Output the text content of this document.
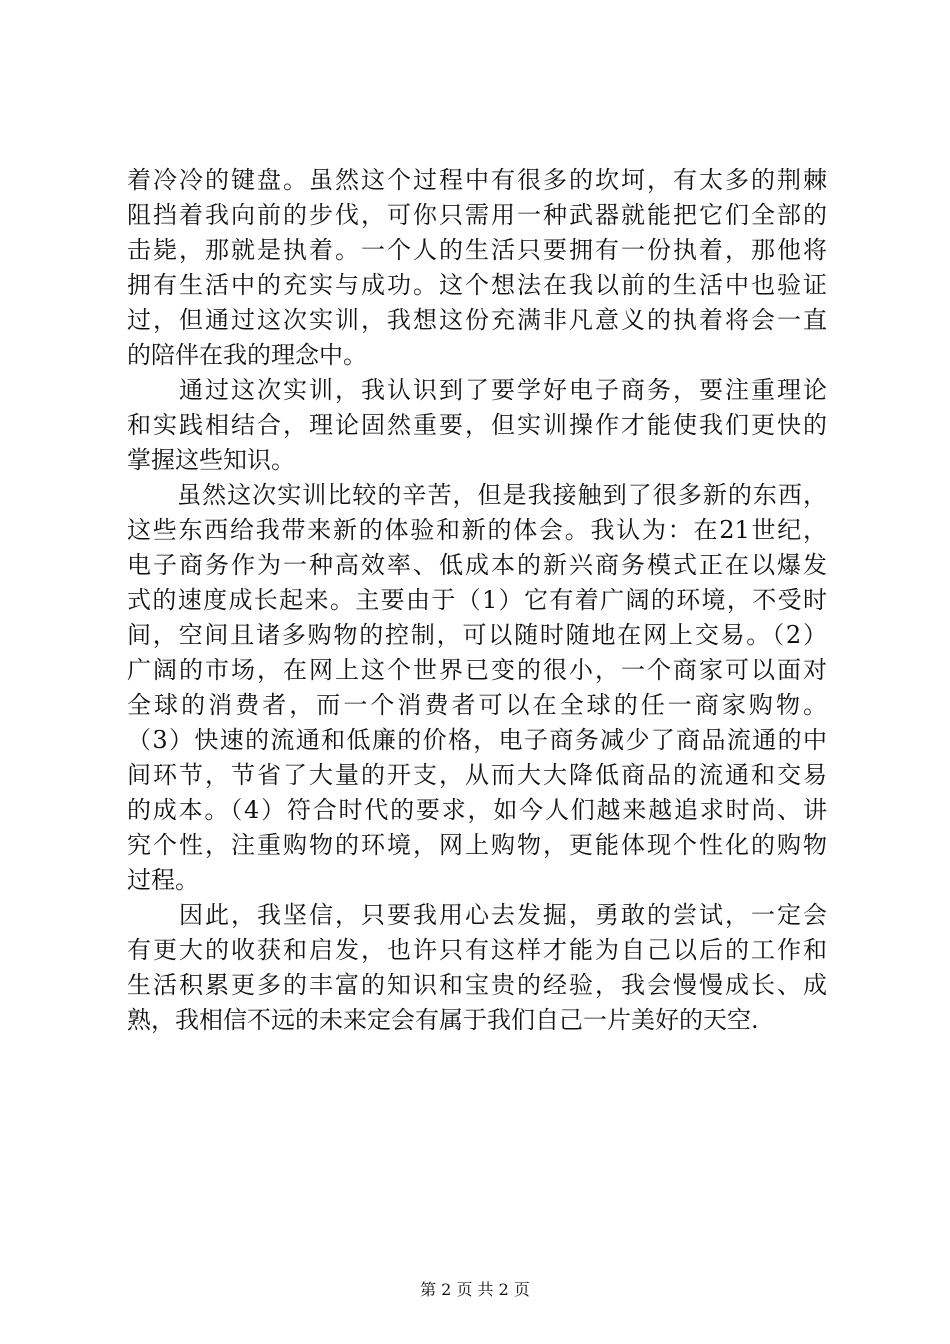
着冷冷的键盘。虽然这个过程中有很多的坎坷，有太多的荆棘
阻挡着我向前的步伐，可你只需用一种武器就能把它们全部的
击毙，那就是执着。一个人的生活只要拥有一份执着，那他将
拥有生活中的充实与成功。这个想法在我以前的生活中也验证
过，但通过这次实训，我想这份充满非凡意义的执着将会一直
的陪伴在我的理念中。
　　通过这次实训，我认识到了要学好电子商务，要注重理论
和实践相结合，理论固然重要，但实训操作才能使我们更快的
掌握这些知识。
　　虽然这次实训比较的辛苦，但是我接触到了很多新的东西，
这些东西给我带来新的体验和新的体会。我认为：在21世纪，
电子商务作为一种高效率、低成本的新兴商务模式正在以爆发
式的速度成长起来。主要由于（1）它有着广阔的环境，不受时
间，空间且诸多购物的控制，可以随时随地在网上交易。（2）
广阔的市场，在网上这个世界已变的很小，一个商家可以面对
全球的消费者，而一个消费者可以在全球的任一商家购物。
（3）快速的流通和低廉的价格，电子商务减少了商品流通的中
间环节，节省了大量的开支，从而大大降低商品的流通和交易
的成本。（4）符合时代的要求，如今人们越来越追求时尚、讲
究个性，注重购物的环境，网上购物，更能体现个性化的购物
过程。
　　因此，我坚信，只要我用心去发掘，勇敢的尝试，一定会
有更大的收获和启发，也许只有这样才能为自己以后的工作和
生活积累更多的丰富的知识和宝贵的经验，我会慢慢成长、成
熟，我相信不远的未来定会有属于我们自己一片美好的天空.
第 2 页 共 2 页
